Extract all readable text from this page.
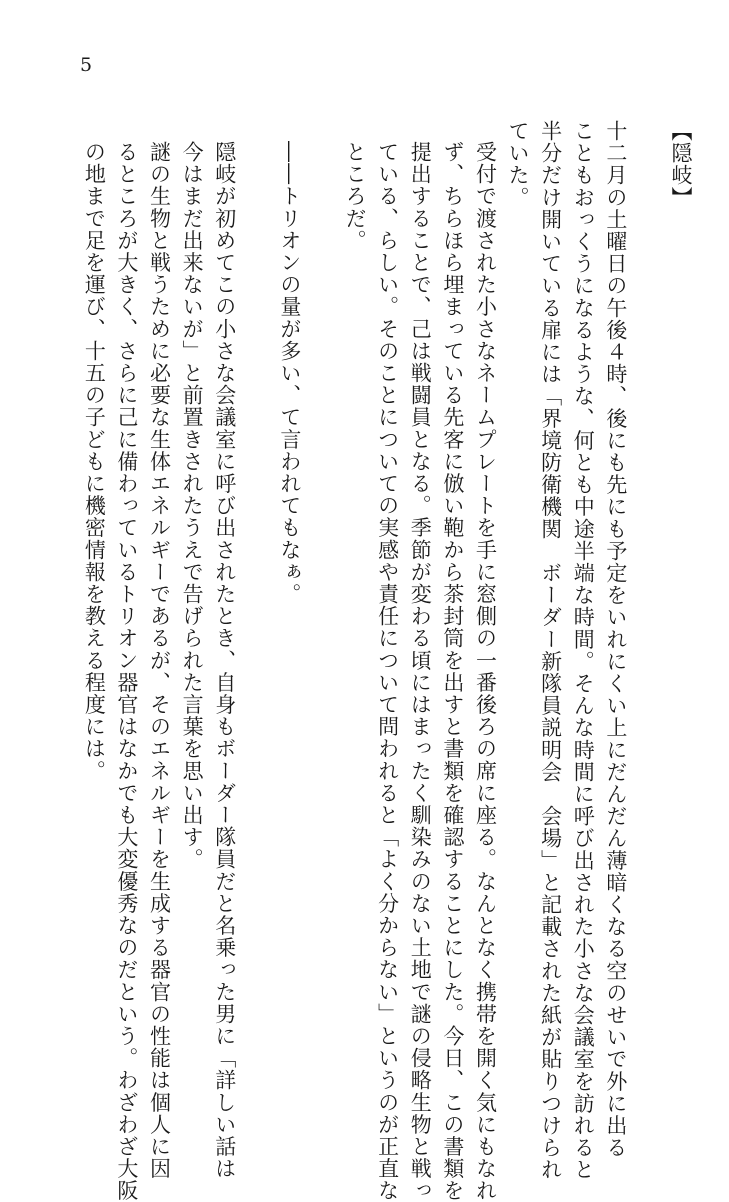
5

【隠岐】

十二月の土曜日の午後４時、後にも先にも予定をいれにくい上にだんだん薄暗くなる空のせいで外に出る
こともおっくうになるような、何とも中途半端な時間。そんな時間に呼び出された小さな会議室を訪れると
半分だけ開いている扉には「界境防衛機関　ボーダー新隊員説明会　会場」と記載された紙が貼りつけられ
ていた。

受付で渡された小さなネームプレートを手に窓側の一番後ろの席に座る。なんとなく携帯を開く気にもなれ
ず、ちらほら埋まっている先客に倣い鞄から茶封筒を出すと書類を確認することにした。今日、この書類を
提出することで、己は戦闘員となる。季節が変わる頃にはまったく馴染みのない土地で謎の侵略生物と戦っ
ている、らしい。そのことについての実感や責任について問われると「よく分からない」というのが正直な
ところだ。

――トリオンの量が多い、て言われてもなぁ。

隠岐が初めてこの小さな会議室に呼び出されたとき、自身もボーダー隊員だと名乗った男に「詳しい話は
今はまだ出来ないが」と前置きされたうえで告げられた言葉を思い出す。

謎の生物と戦うために必要な生体エネルギーであるが、そのエネルギーを生成する器官の性能は個人に因
るところが大きく、さらに己に備わっているトリオン器官はなかでも大変優秀なのだという。わざわざ大阪
の地まで足を運び、十五の子どもに機密情報を教える程度には。
